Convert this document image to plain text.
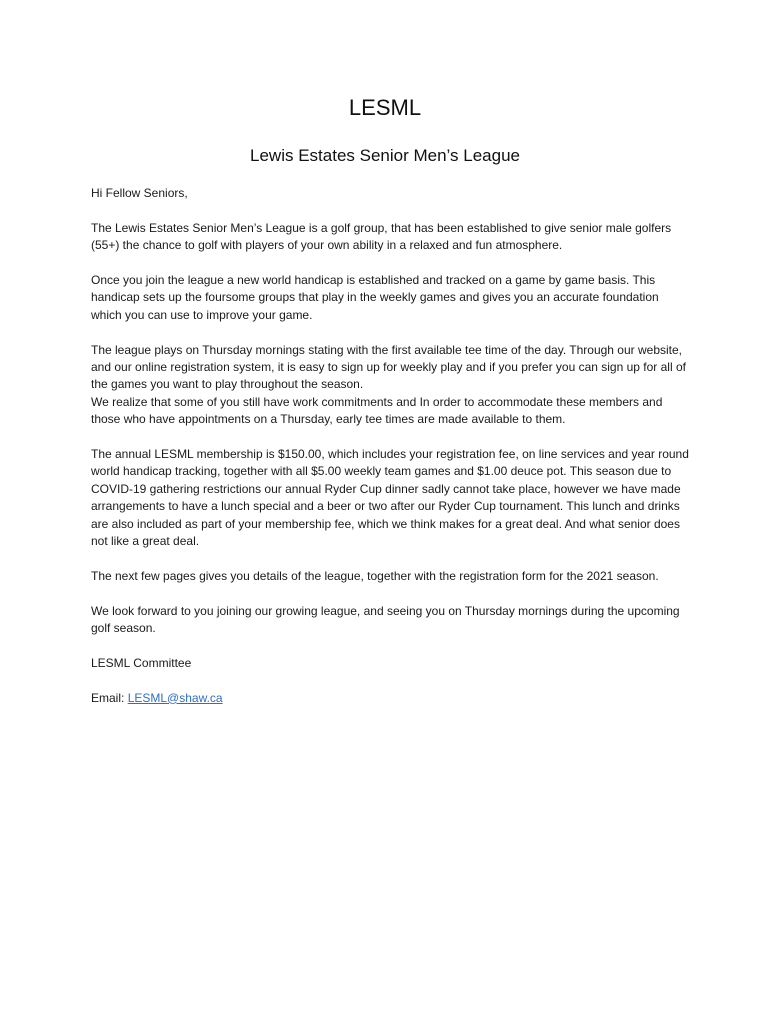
LESML
Lewis Estates Senior Men’s League

Hi Fellow Seniors,

The Lewis Estates Senior Men’s League is a golf group, that has been established to give senior male golfers (55+) the chance to golf with players of your own ability in a relaxed and fun atmosphere.

Once you join the league a new world handicap is established and tracked on a game by game basis. This handicap sets up the foursome groups that play in the weekly games and gives you an accurate foundation which you can use to improve your game.

The league plays on Thursday mornings stating with the first available tee time of the day. Through our website, and our online registration system, it is easy to sign up for weekly play and if you prefer you can sign up for all of the games you want to play throughout the season.

We realize that some of you still have work commitments and In order to accommodate these members and those who have appointments on a Thursday, early tee times are made available to them.

The annual LESML membership is $150.00, which includes your registration fee, on line services and year round world handicap tracking, together with all $5.00 weekly team games and $1.00 deuce pot. This season due to COVID-19 gathering restrictions our annual Ryder Cup dinner sadly cannot take place, however we have made arrangements to have a lunch special and a beer or two after our Ryder Cup tournament. This lunch and drinks are also included as part of your membership fee, which we think makes for a great deal. And what senior does not like a great deal.

The next few pages gives you details of the league, together with the registration form for the 2021 season.

We look forward to you joining our growing league, and seeing you on Thursday mornings during the upcoming golf season.

LESML Committee

Email: LESML@shaw.ca
